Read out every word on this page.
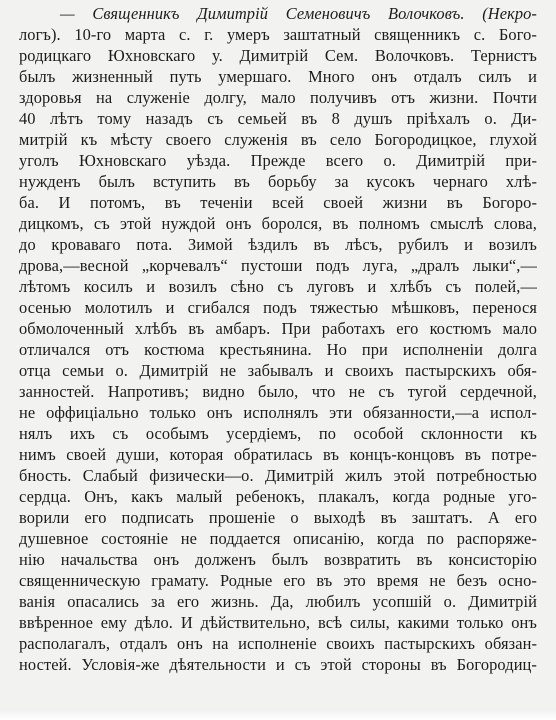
— Священникъ Димитрій Семеновичъ Волочковъ. (Некро-
логъ). 10-го марта с. г. умеръ заштатный священникъ с. Бого-
родицкаго Юхновскаго у. Димитрій Сем. Волочковъ. Тернистъ
былъ жизненный путь умершаго. Много онъ отдалъ силъ и
здоровья на служеніе долгу, мало получивъ отъ жизни. Почти
40 лѣтъ тому назадъ съ семьей въ 8 душъ пріѣхалъ о. Ди-
митрій къ мѣсту своего служенія въ село Богородицкое, глухой
уголъ Юхновскаго уѣзда. Прежде всего о. Димитрій при-
нужденъ былъ вступить въ борьбу за кусокъ чернаго хлѣ-
ба. И потомъ, въ теченіи всей своей жизни въ Богоро-
дицкомъ, съ этой нуждой онъ боролся, въ полномъ смыслѣ слова,
до кроваваго пота. Зимой ѣздилъ въ лѣсъ, рубилъ и возилъ
дрова,—весной „корчевалъ“ пустоши подъ луга, „дралъ лыки“,—
лѣтомъ косилъ и возилъ сѣно съ луговъ и хлѣбъ съ полей,—
осенью молотилъ и сгибался подъ тяжестью мѣшковъ, перенося
обмолоченный хлѣбъ въ амбаръ. При работахъ его костюмъ мало
отличался отъ костюма крестьянина. Но при исполненіи долга
отца семьи о. Димитрій не забывалъ и своихъ пастырскихъ обя-
занностей. Напротивъ; видно было, что не съ тугой сердечной,
не оффиціально только онъ исполнялъ эти обязанности,—а испол-
нялъ ихъ съ особымъ усердіемъ, по особой склонности къ
нимъ своей души, которая обратилась въ концъ-концовъ въ потре-
бность. Слабый физически—о. Димитрій жилъ этой потребностью
сердца. Онъ, какъ малый ребенокъ, плакалъ, когда родные уго-
ворили его подписать прошеніе о выходѣ въ заштатъ. А его
душевное состояніе не поддается описанію, когда по распоряже-
нію начальства онъ долженъ былъ возвратить въ консисторію
священническую грамату. Родные его въ это время не безъ осно-
ванія опасались за его жизнь. Да, любилъ усопшій о. Димитрій
ввѣренное ему дѣло. И дѣйствительно, всѣ силы, какими только онъ
располагалъ, отдалъ онъ на исполненіе своихъ пастырскихъ обязан-
ностей. Условія-же дѣятельности и съ этой стороны въ Богородиц-
